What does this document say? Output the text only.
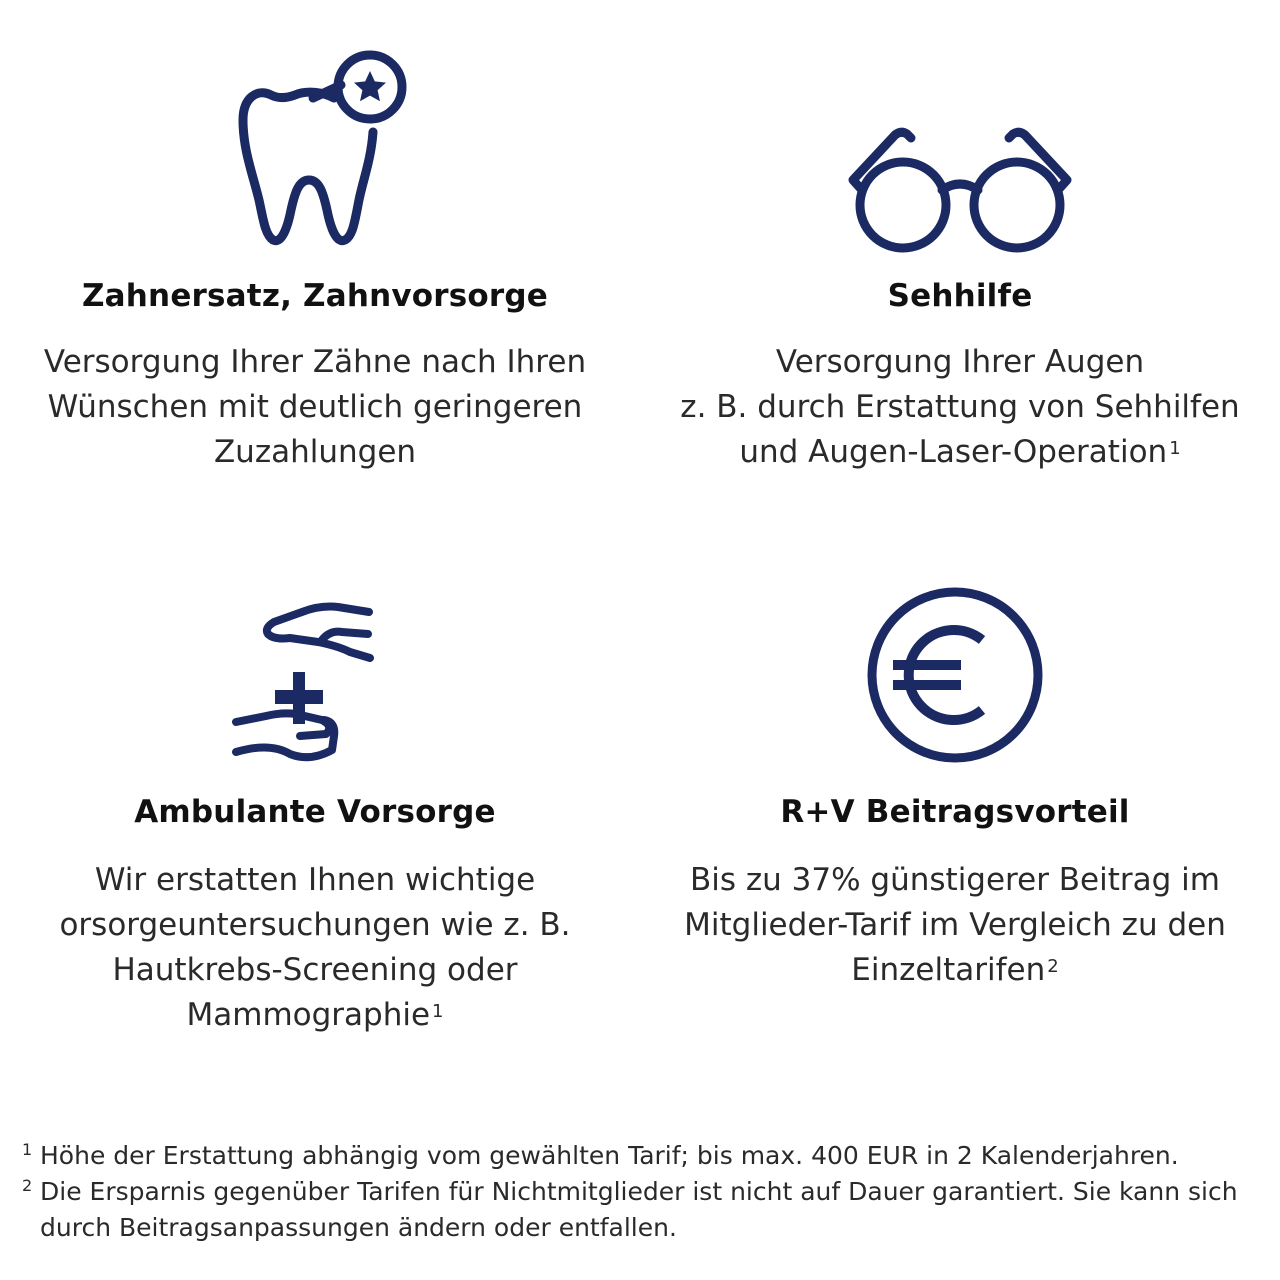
Zahnersatz, Zahnvorsorge

Versorgung Ihrer Zähne nach Ihren
Wünschen mit deutlich geringeren
Zuzahlungen

Sehhilfe

Versorgung Ihrer Augen
z. B. durch Erstattung von Sehhilfen
und Augen-Laser-Operation $^1$

Ambulante Vorsorge

Wir erstatten Ihnen wichtige
orsorgeuntersuchungen wie z. B.
Hautkrebs-Screening oder
Mammographie $^1$

R+V Beitragsvorteil

Bis zu 37% günstigerer Beitrag im
Mitglieder-Tarif im Vergleich zu den
Einzeltarifen $^2$

1 Höhe der Erstattung abhängig vom gewählten Tarif; bis max. 400 EUR in 2 Kalenderjahren.

2 Die Ersparnis gegenüber Tarifen für Nichtmitglieder ist nicht auf Dauer garantiert. Sie kann sich durch Beitragsanpassungen ändern oder entfallen.
